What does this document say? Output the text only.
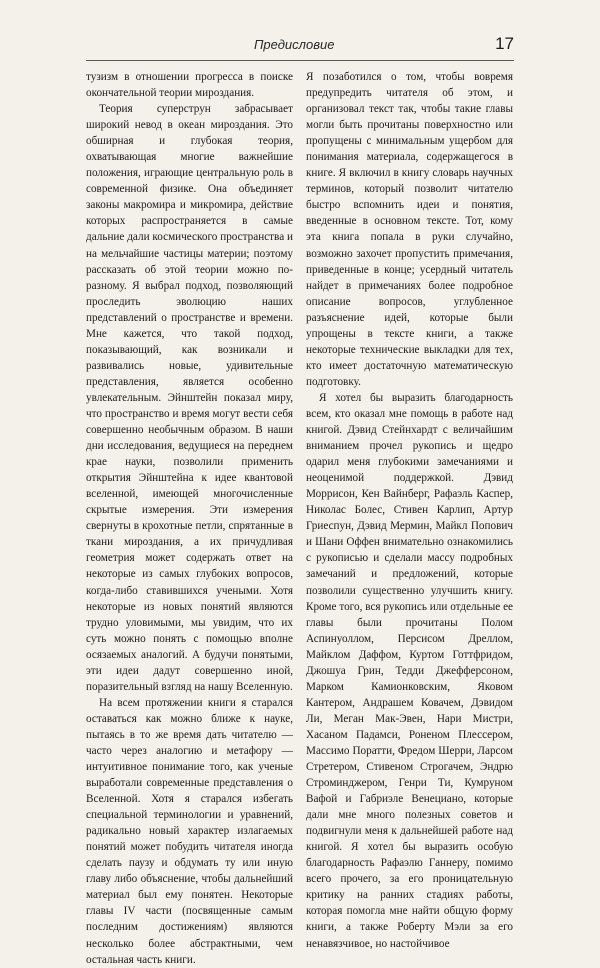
Предисловие	17

тузизм в отношении прогресса в поиске окончательной теории мироздания.

Теория суперструн забрасывает широкий невод в океан мироздания. Это обширная и глубокая теория, охватывающая многие важнейшие положения, играющие центральную роль в современной физике. Она объединяет законы макромира и микромира, действие которых распространяется в самые дальние дали космического пространства и на мельчайшие частицы материи; поэтому рассказать об этой теории можно по-разному. Я выбрал подход, позволяющий проследить эволюцию наших представлений о пространстве и времени. Мне кажется, что такой подход, показывающий, как возникали и развивались новые, удивительные представления, является особенно увлекательным. Эйнштейн показал миру, что пространство и время могут вести себя совершенно необычным образом. В наши дни исследования, ведущиеся на переднем крае науки, позволили применить открытия Эйнштейна к идее квантовой вселенной, имеющей многочисленные скрытые измерения. Эти измерения свернуты в крохотные петли, спрятанные в ткани мироздания, а их причудливая геометрия может содержать ответ на некоторые из самых глубоких вопросов, когда-либо ставившихся учеными. Хотя некоторые из новых понятий являются трудно уловимыми, мы увидим, что их суть можно понять с помощью вполне осязаемых аналогий. А будучи понятыми, эти идеи дадут совершенно иной, поразительный взгляд на нашу Вселенную.

На всем протяжении книги я старался оставаться как можно ближе к науке, пытаясь в то же время дать читателю — часто через аналогию и метафору — интуитивное понимание того, как ученые выработали современные представления о Вселенной. Хотя я старался избегать специальной терминологии и уравнений, радикально новый характер излагаемых понятий может побудить читателя иногда сделать паузу и обдумать ту или иную главу либо объяснение, чтобы дальнейший материал был ему понятен. Некоторые главы IV части (посвященные самым последним достижениям) являются несколько более абстрактными, чем остальная часть книги.

Я позаботился о том, чтобы вовремя предупредить читателя об этом, и организовал текст так, чтобы такие главы могли быть прочитаны поверхностно или пропущены с минимальным ущербом для понимания материала, содержащегося в книге. Я включил в книгу словарь научных терминов, который позволит читателю быстро вспомнить идеи и понятия, введенные в основном тексте. Тот, кому эта книга попала в руки случайно, возможно захочет пропустить примечания, приведенные в конце; усердный читатель найдет в примечаниях более подробное описание вопросов, углубленное разъяснение идей, которые были упрощены в тексте книги, а также некоторые технические выкладки для тех, кто имеет достаточную математическую подготовку.

Я хотел бы выразить благодарность всем, кто оказал мне помощь в работе над книгой. Дэвид Стейнхардт с величайшим вниманием прочел рукопись и щедро одарил меня глубокими замечаниями и неоценимой поддержкой. Дэвид Моррисон, Кен Вайнберг, Рафаэль Каспер, Николас Болес, Стивен Карлип, Артур Гриеспун, Дэвид Мермин, Майкл Попович и Шани Оффен внимательно ознакомились с рукописью и сделали массу подробных замечаний и предложений, которые позволили существенно улучшить книгу. Кроме того, вся рукопись или отдельные ее главы были прочитаны Полом Аспинуоллом, Персисом Дреллом, Майклом Даффом, Куртом Готтфридом, Джошуа Грин, Тедди Джефферсоном, Марком Камионковским, Яковом Кантером, Андрашем Ковачем, Дэвидом Ли, Меган Мак-Эвен, Нари Мистри, Хасаном Падамси, Роненом Плессером, Массимо Поратти, Фредом Шерри, Ларсом Стретером, Стивеном Строгачем, Эндрю Строминджером, Генри Ти, Кумруном Вафой и Габриэле Венециано, которые дали мне много полезных советов и подвигнули меня к дальнейшей работе над книгой. Я хотел бы выразить особую благодарность Рафаэлю Ганнеру, помимо всего прочего, за его проницательную критику на ранних стадиях работы, которая помогла мне найти общую форму книги, а также Роберту Мэли за его ненавязчивое, но настойчивое
